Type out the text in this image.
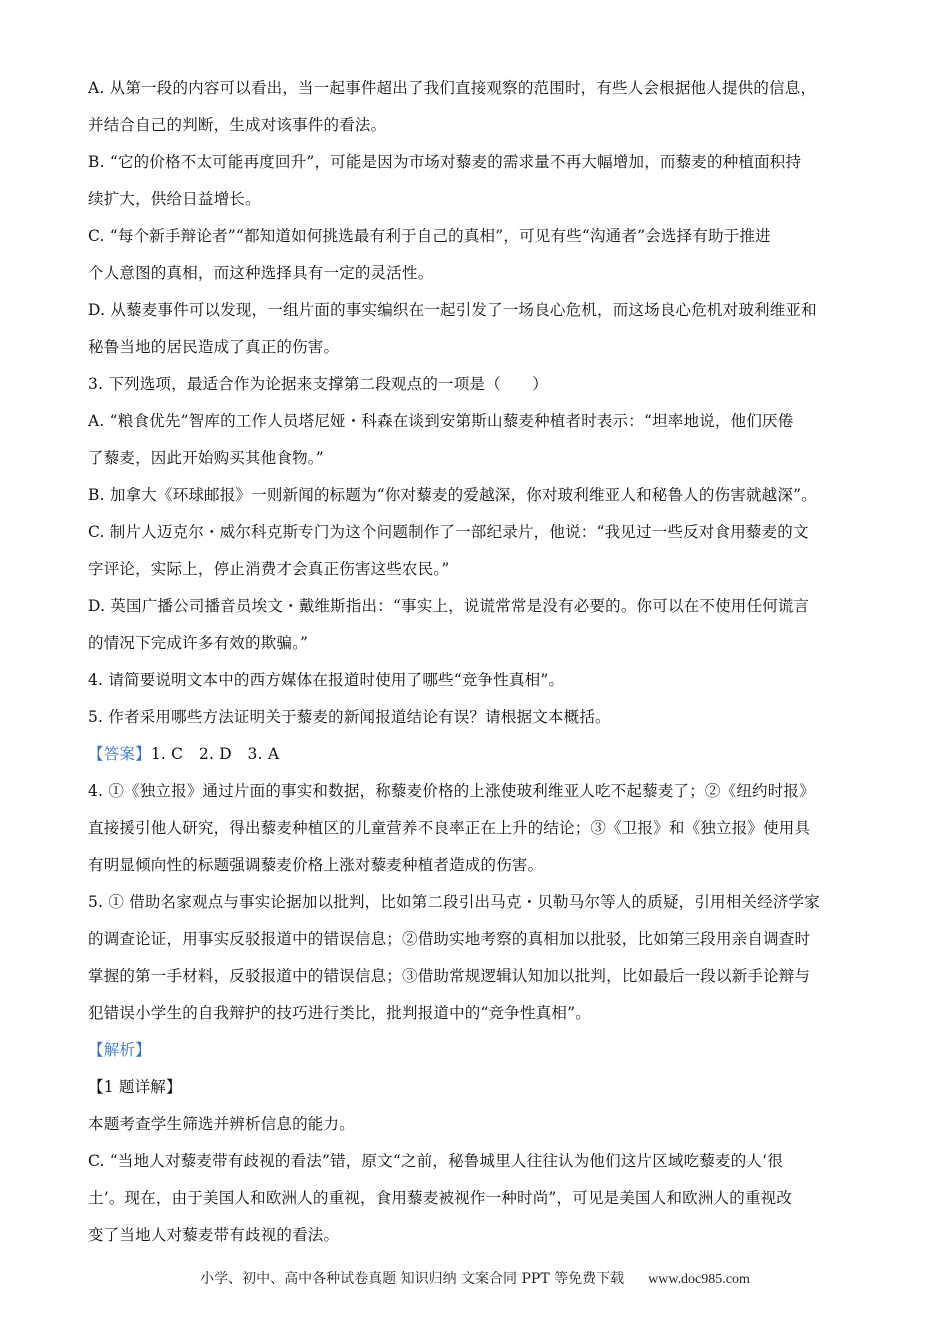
A. 从第一段的内容可以看出，当一起事件超出了我们直接观察的范围时，有些人会根据他人提供的信息，
并结合自己的判断，生成对该事件的看法。
B. “它的价格不太可能再度回升”，可能是因为市场对藜麦的需求量不再大幅增加，而藜麦的种植面积持
续扩大，供给日益增长。
C. “每个新手辩论者”“都知道如何挑选最有利于自己的真相”，可见有些“沟通者”会选择有助于推进
个人意图的真相，而这种选择具有一定的灵活性。
D. 从藜麦事件可以发现，一组片面的事实编织在一起引发了一场良心危机，而这场良心危机对玻利维亚和
秘鲁当地的居民造成了真正的伤害。
3. 下列选项，最适合作为论据来支撑第二段观点的一项是（　　）
A. “粮食优先”智库的工作人员塔尼娅・科森在谈到安第斯山藜麦种植者时表示：“坦率地说，他们厌倦
了藜麦，因此开始购买其他食物。”
B. 加拿大《环球邮报》一则新闻的标题为“你对藜麦的爱越深，你对玻利维亚人和秘鲁人的伤害就越深”。
C. 制片人迈克尔・威尔科克斯专门为这个问题制作了一部纪录片，他说：“我见过一些反对食用藜麦的文
字评论，实际上，停止消费才会真正伤害这些农民。”
D. 英国广播公司播音员埃文・戴维斯指出：“事实上，说谎常常是没有必要的。你可以在不使用任何谎言
的情况下完成许多有效的欺骗。”
4. 请简要说明文本中的西方媒体在报道时使用了哪些“竞争性真相”。
5. 作者采用哪些方法证明关于藜麦的新闻报道结论有误？请根据文本概括。
【答案】1. C　2. D　3. A
4. ①《独立报》通过片面的事实和数据，称藜麦价格的上涨使玻利维亚人吃不起藜麦了；②《纽约时报》
直接援引他人研究，得出藜麦种植区的儿童营养不良率正在上升的结论；③《卫报》和《独立报》使用具
有明显倾向性的标题强调藜麦价格上涨对藜麦种植者造成的伤害。
5. ① 借助名家观点与事实论据加以批判，比如第二段引出马克・贝勒马尔等人的质疑，引用相关经济学家
的调查论证，用事实反驳报道中的错误信息；②借助实地考察的真相加以批驳，比如第三段用亲自调查时
掌握的第一手材料，反驳报道中的错误信息；③借助常规逻辑认知加以批判，比如最后一段以新手论辩与
犯错误小学生的自我辩护的技巧进行类比，批判报道中的“竞争性真相”。
【解析】
【1 题详解】
本题考查学生筛选并辨析信息的能力。
C. “当地人对藜麦带有歧视的看法”错，原文“之前，秘鲁城里人往往认为他们这片区域吃藜麦的人‘很
土’。现在，由于美国人和欧洲人的重视，食用藜麦被视作一种时尚”，可见是美国人和欧洲人的重视改
变了当地人对藜麦带有歧视的看法。
小学、初中、高中各种试卷真题 知识归纳 文案合同 PPT 等免费下载 www.doc985.com
